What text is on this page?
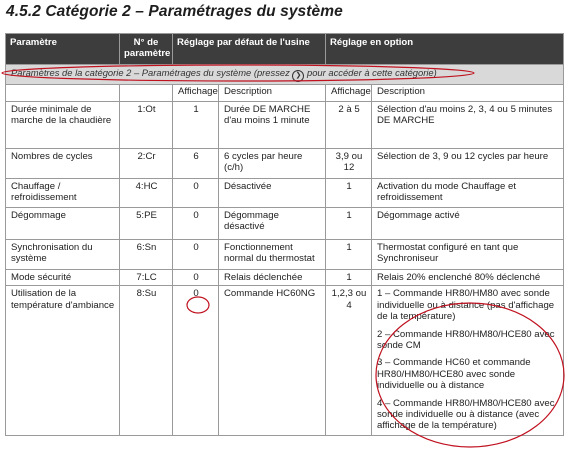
4.5.2 Catégorie 2 – Paramétrages du système
Paramètre	N° de paramètre	Réglage par défaut de l'usine		Réglage en option	
Paramètres de la catégorie 2 – Paramétrages du système (pressez ❯ pour accéder à cette catégorie)					
		Affichage	Description	Affichage	Description
Durée minimale de marche de la chaudière	1:Ot	1	Durée DE MARCHE d'au moins 1 minute	2 à 5	Sélection d'au moins 2, 3, 4 ou 5 minutes DE MARCHE
Nombres de cycles	2:Cr	6	6 cycles par heure (c/h)	3,9 ou 12	Sélection de 3, 9 ou 12 cycles par heure
Chauffage / refroidissement	4:HC	0	Désactivée	1	Activation du mode Chauffage et refroidissement
Dégommage	5:PE	0	Dégommage désactivé	1	Dégommage activé
Synchronisation du système	6:Sn	0	Fonctionnement normal du thermostat	1	Thermostat configuré en tant que Synchroniseur
Mode sécurité	7:LC	0	Relais déclenchée	1	Relais 20% enclenché 80% déclenché
Utilisation de la température d'ambiance	8:Su	0	Commande HC60NG	1,2,3 ou 4	1 – Commande HR80/HM80 avec sonde individuelle ou à distance (pas d'affichage de la température)
2 – Commande HR80/HM80/HCE80 avec sonde CM
3 – Commande HC60 et commande HR80/HM80/HCE80 avec sonde individuelle ou à distance
4 – Commande HR80/HM80/HCE80 avec sonde individuelle ou à distance (avec affichage de la température)
